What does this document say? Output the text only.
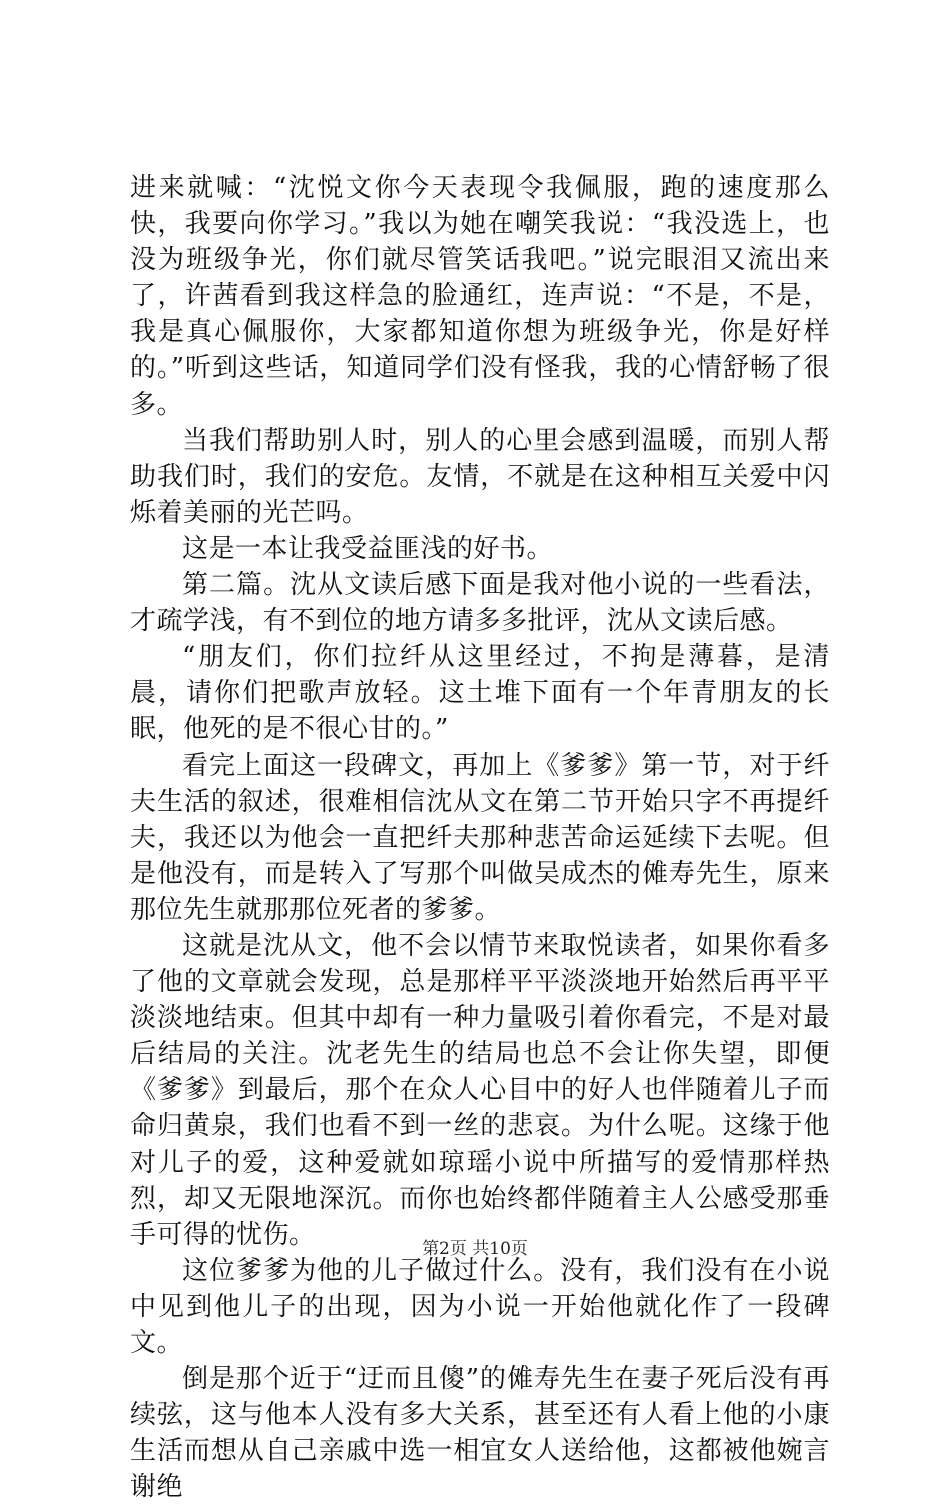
进来就喊：“沈悦文你今天表现令我佩服，跑的速度那么快，我要向你学习。”我以为她在嘲笑我说：“我没选上，也没为班级争光，你们就尽管笑话我吧。”说完眼泪又流出来了，许茜看到我这样急的脸通红，连声说：“不是，不是，我是真心佩服你，大家都知道你想为班级争光，你是好样的。”听到这些话，知道同学们没有怪我，我的心情舒畅了很多。

当我们帮助别人时，别人的心里会感到温暖，而别人帮助我们时，我们的安危。友情，不就是在这种相互关爱中闪烁着美丽的光芒吗。

这是一本让我受益匪浅的好书。

第二篇。沈从文读后感下面是我对他小说的一些看法，才疏学浅，有不到位的地方请多多批评，沈从文读后感。

“朋友们，你们拉纤从这里经过，不拘是薄暮，是清晨，请你们把歌声放轻。这土堆下面有一个年青朋友的长眠，他死的是不很心甘的。”

看完上面这一段碑文，再加上《爹爹》第一节，对于纤夫生活的叙述，很难相信沈从文在第二节开始只字不再提纤夫，我还以为他会一直把纤夫那种悲苦命运延续下去呢。但是他没有，而是转入了写那个叫做吴成杰的傩寿先生，原来那位先生就那那位死者的爹爹。

这就是沈从文，他不会以情节来取悦读者，如果你看多了他的文章就会发现，总是那样平平淡淡地开始然后再平平淡淡地结束。但其中却有一种力量吸引着你看完，不是对最后结局的关注。沈老先生的结局也总不会让你失望，即便《爹爹》到最后，那个在众人心目中的好人也伴随着儿子而命归黄泉，我们也看不到一丝的悲哀。为什么呢。这缘于他对儿子的爱，这种爱就如琼瑶小说中所描写的爱情那样热烈，却又无限地深沉。而你也始终都伴随着主人公感受那垂手可得的忧伤。

这位爹爹为他的儿子做过什么。没有，我们没有在小说中见到他儿子的出现，因为小说一开始他就化作了一段碑文。

倒是那个近于“迂而且傻”的傩寿先生在妻子死后没有再续弦，这与他本人没有多大关系，甚至还有人看上他的小康生活而想从自己亲戚中选一相宜女人送给他，这都被他婉言谢绝

第2页 共10页
